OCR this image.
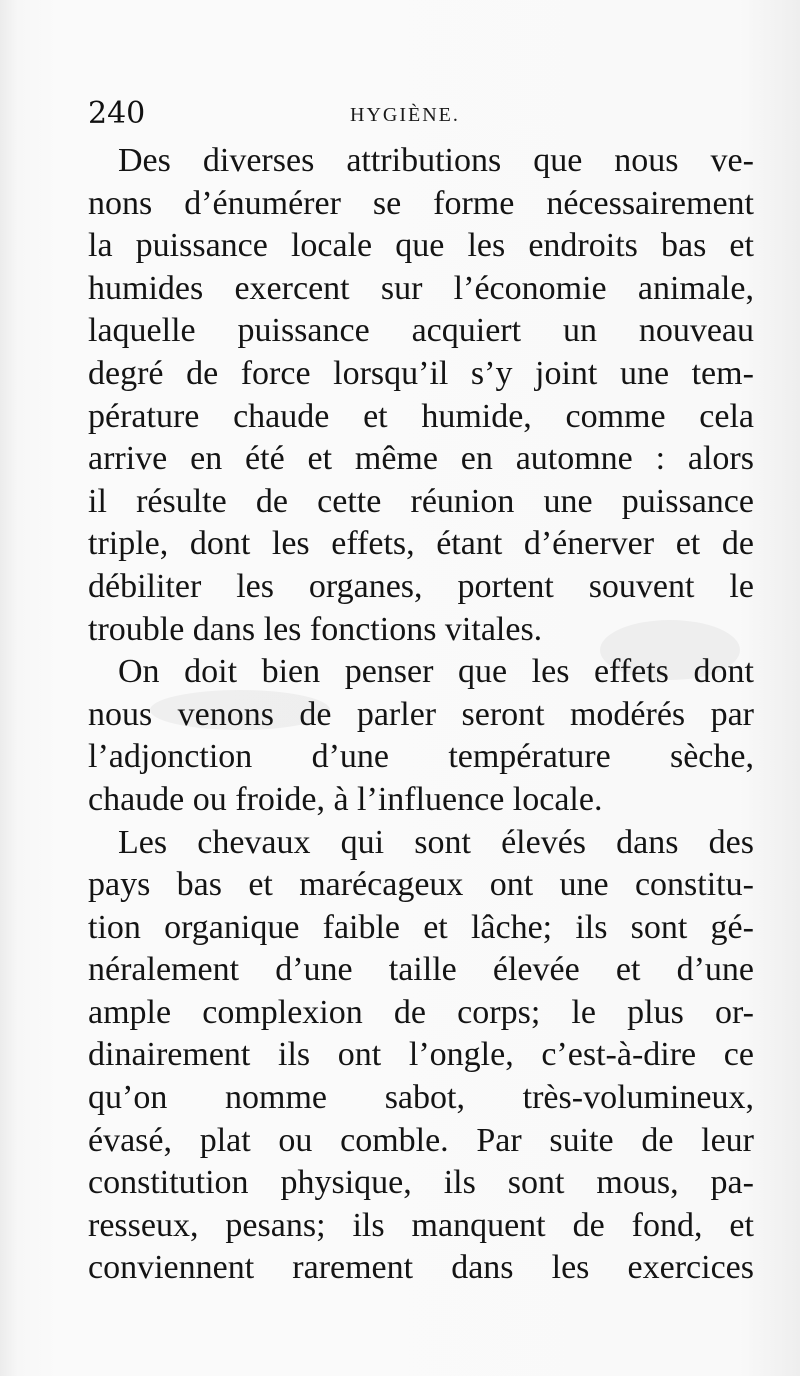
240	HYGIÈNE.
Des diverses attributions que nous ve-
nons d’énumérer se forme nécessairement
la puissance locale que les endroits bas et
humides exercent sur l’économie animale,
laquelle puissance acquiert un nouveau
degré de force lorsqu’il s’y joint une tem-
pérature chaude et humide, comme cela
arrive en été et même en automne : alors
il résulte de cette réunion une puissance
triple, dont les effets, étant d’énerver et de
débiliter les organes, portent souvent le
trouble dans les fonctions vitales.
On doit bien penser que les effets dont
nous venons de parler seront modérés par
l’adjonction d’une température sèche,
chaude ou froide, à l’influence locale.
Les chevaux qui sont élevés dans des
pays bas et marécageux ont une constitu-
tion organique faible et lâche; ils sont gé-
néralement d’une taille élevée et d’une
ample complexion de corps; le plus or-
dinairement ils ont l’ongle, c’est-à-dire ce
qu’on nomme sabot, très-volumineux,
évasé, plat ou comble. Par suite de leur
constitution physique, ils sont mous, pa-
resseux, pesans; ils manquent de fond, et
conviennent rarement dans les exercices
